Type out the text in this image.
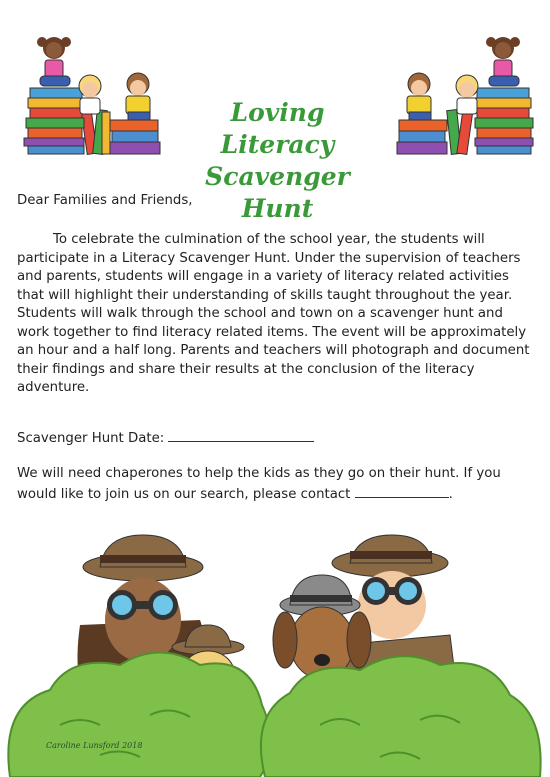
Loving Literacy
Scavenger Hunt

Dear Families and Friends,

To celebrate the culmination of the school year, the students will participate in a Literacy Scavenger Hunt. Under the supervision of teachers and parents, students will engage in a variety of literacy related activities that will highlight their understanding of skills taught throughout the year. Students will walk through the school and town on a scavenger hunt and work together to find literacy related items. The event will be approximately an hour and a half long. Parents and teachers will photograph and document their findings and share their results at the conclusion of the literacy adventure.

Scavenger Hunt Date:

We will need chaperones to help the kids as they go on their hunt. If you would like to join us on our search, please contact	.

Caroline Lunsford 2018
